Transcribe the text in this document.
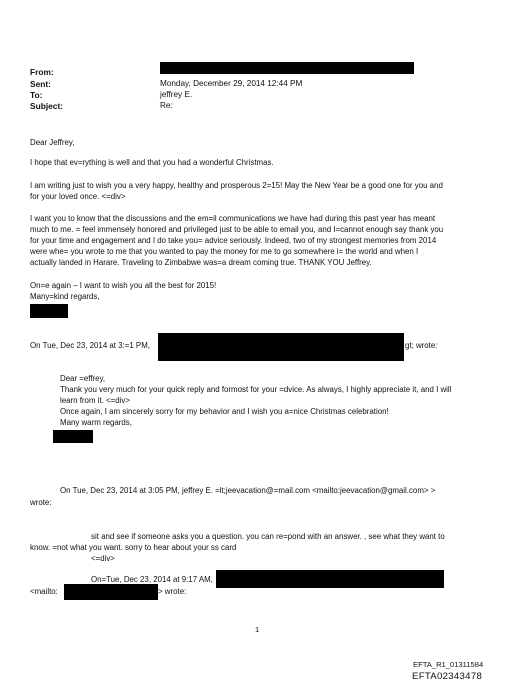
From:
Sent:	Monday, December 29, 2014 12:44 PM
To:	jeffrey E.
Subject:	Re:
Dear Jeffrey,
I hope that ev=rything is well and that you had a wonderful Christmas.
I am writing just to wish you a very happy, healthy and prosperous 2=15! May the New Year be a good one for you and
for your loved once. <=div>
I want you to know that the discussions and the em=il communications we have had during this past year has meant
much to me. = feel immensely honored and privileged just to be able to email you, and I=cannot enough say thank you
for your time and engagement and I do take you= advice seriously. Indeed, two of my strongest memories from 2014
were whe= you wrote to me that you wanted to pay the money for me to go somewhere i= the world and when I
actually landed in Harare. Traveling to Zimbabwe was=a dream coming true. THANK YOU Jeffrey.
On=e again – I want to wish you all the best for 2015!
Many=kind regards,
On Tue, Dec 23, 2014 at 3:=1 PM,	gt; wrote:
Dear =effrey,
Thank you very much for your quick reply and formost for your =dvice. As always, I highly appreciate it, and I will
learn from it. <=div>
Once again, I am sincerely sorry for my behavior and I wish you a=nice Christmas celebration!
Many warm regards,
On Tue, Dec 23, 2014 at 3:05 PM, jeffrey E. =lt;jeevacation@=mail.com <mailto:jeevacation@gmail.com> >
wrote:
sit and see if someone asks you a question. you can re=pond with an answer. , see what they want to
know. =not what you want. sorry to hear about your ss card
<=div>
On=Tue, Dec 23, 2014 at 9:17 AM,
<mailto:	> wrote:
1
EFTA_R1_01311584
EFTA02343478
